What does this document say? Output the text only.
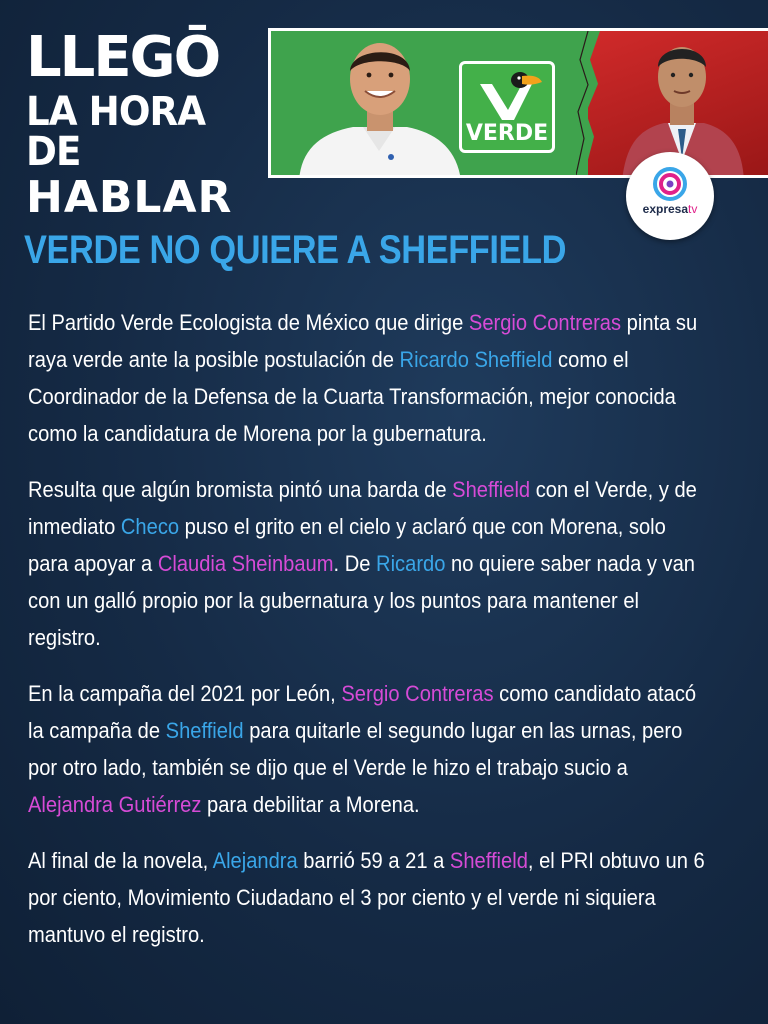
LLEGŌ
LA HORA DE
HABLAR
VERDE
expresatv
VERDE NO QUIERE A SHEFFIELD

El Partido Verde Ecologista de México que dirige Sergio Contreras pinta su raya verde ante la posible postulación de Ricardo Sheffield como el Coordinador de la Defensa de la Cuarta Transformación, mejor conocida como la candidatura de Morena por la gubernatura.

Resulta que algún bromista pintó una barda de Sheffield con el Verde, y de inmediato Checo puso el grito en el cielo y aclaró que con Morena, solo para apoyar a Claudia Sheinbaum. De Ricardo no quiere saber nada y van con un galló propio por la gubernatura y los puntos para mantener el registro.

En la campaña del 2021 por León, Sergio Contreras como candidato atacó la campaña de Sheffield para quitarle el segundo lugar en las urnas, pero por otro lado, también se dijo que el Verde le hizo el trabajo sucio a Alejandra Gutiérrez para debilitar a Morena.

Al final de la novela, Alejandra barrió 59 a 21 a Sheffield, el PRI obtuvo un 6 por ciento, Movimiento Ciudadano el 3 por ciento y el verde ni siquiera mantuvo el registro.
